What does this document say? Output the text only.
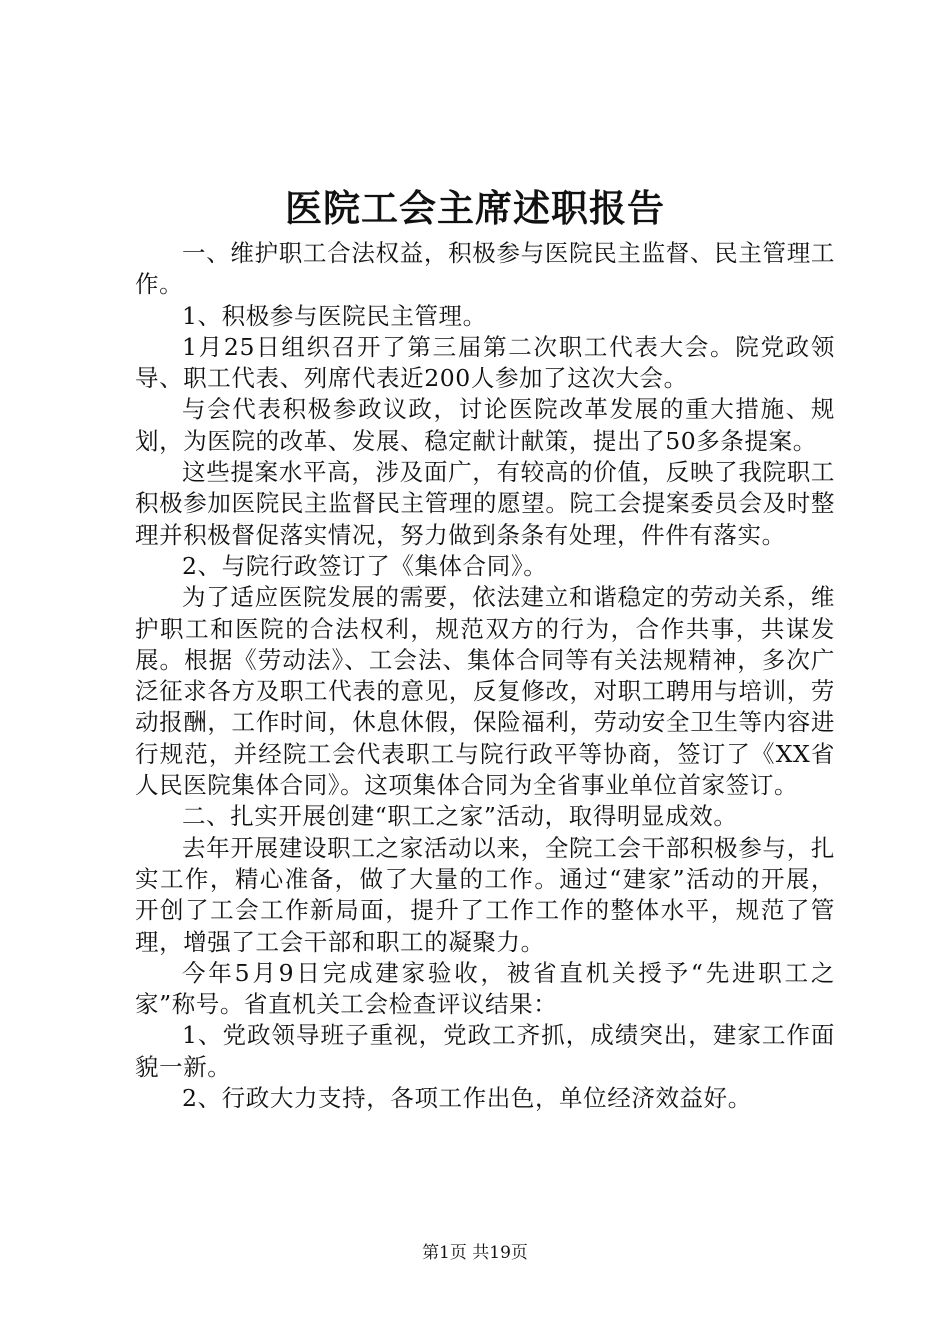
医院工会主席述职报告

一、维护职工合法权益，积极参与医院民主监督、民主管理工作。

1、积极参与医院民主管理。

1月25日组织召开了第三届第二次职工代表大会。院党政领导、职工代表、列席代表近200人参加了这次大会。

与会代表积极参政议政，讨论医院改革发展的重大措施、规划，为医院的改革、发展、稳定献计献策，提出了50多条提案。

这些提案水平高，涉及面广，有较高的价值，反映了我院职工积极参加医院民主监督民主管理的愿望。院工会提案委员会及时整理并积极督促落实情况，努力做到条条有处理，件件有落实。

2、与院行政签订了《集体合同》。

为了适应医院发展的需要，依法建立和谐稳定的劳动关系，维护职工和医院的合法权利，规范双方的行为，合作共事，共谋发展。根据《劳动法》、工会法、集体合同等有关法规精神，多次广泛征求各方及职工代表的意见，反复修改，对职工聘用与培训，劳动报酬，工作时间，休息休假，保险福利，劳动安全卫生等内容进行规范，并经院工会代表职工与院行政平等协商，签订了《XX省人民医院集体合同》。这项集体合同为全省事业单位首家签订。

二、扎实开展创建“职工之家”活动，取得明显成效。

去年开展建设职工之家活动以来，全院工会干部积极参与，扎实工作，精心准备，做了大量的工作。通过“建家”活动的开展，开创了工会工作新局面，提升了工作工作的整体水平，规范了管理，增强了工会干部和职工的凝聚力。

今年5月9日完成建家验收，被省直机关授予“先进职工之家”称号。省直机关工会检查评议结果：

1、党政领导班子重视，党政工齐抓，成绩突出，建家工作面貌一新。

2、行政大力支持，各项工作出色，单位经济效益好。

第1页 共19页
